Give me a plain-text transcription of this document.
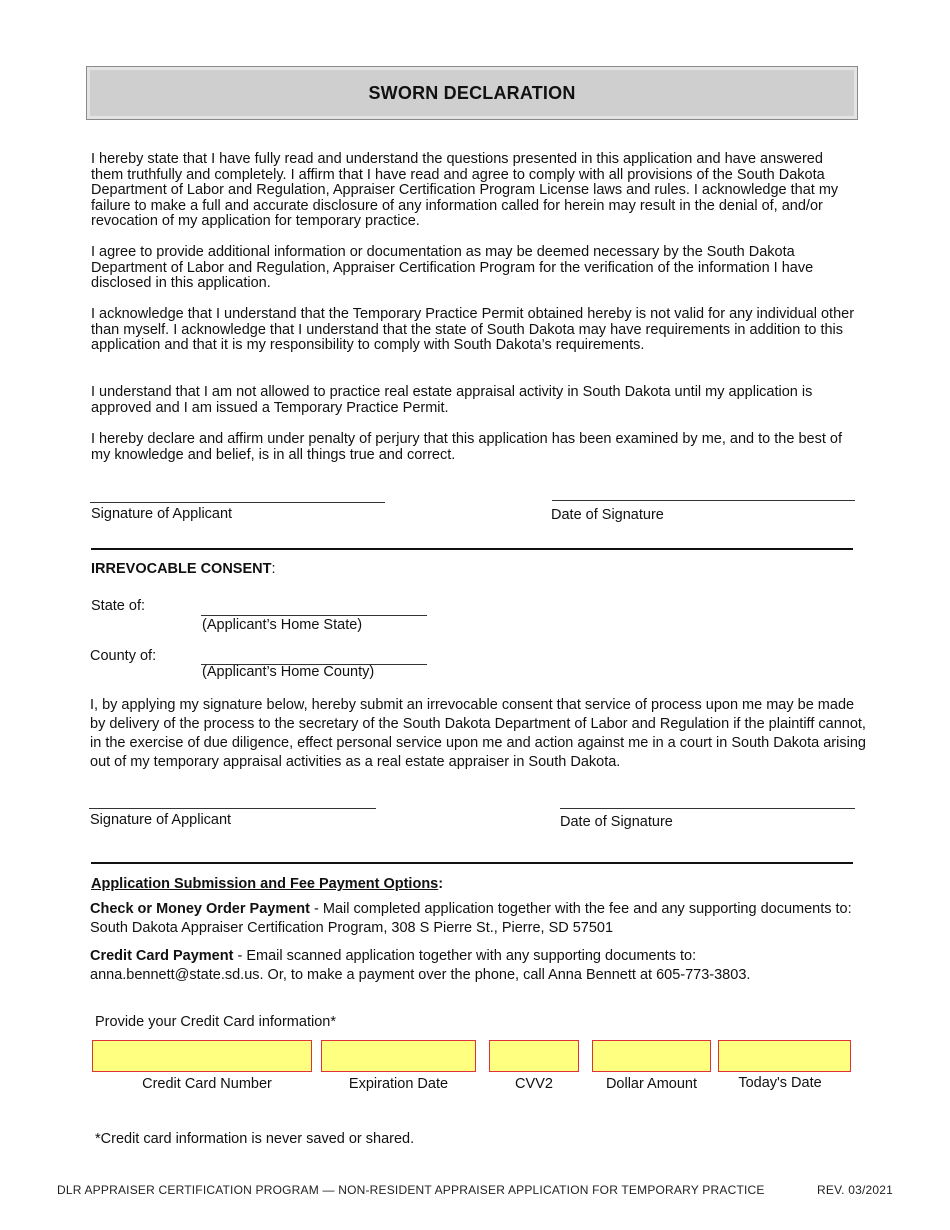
SWORN DECLARATION

I hereby state that I have fully read and understand the questions presented in this application and have answered them truthfully and completely. I affirm that I have read and agree to comply with all provisions of the South Dakota Department of Labor and Regulation, Appraiser Certification Program License laws and rules. I acknowledge that my failure to make a full and accurate disclosure of any information called for herein may result in the denial of, and/or revocation of my application for temporary practice.

I agree to provide additional information or documentation as may be deemed necessary by the South Dakota Department of Labor and Regulation, Appraiser Certification Program for the verification of the information I have disclosed in this application.

I acknowledge that I understand that the Temporary Practice Permit obtained hereby is not valid for any individual other than myself. I acknowledge that I understand that the state of South Dakota may have requirements in addition to this application and that it is my responsibility to comply with South Dakota’s requirements.

I understand that I am not allowed to practice real estate appraisal activity in South Dakota until my application is approved and I am issued a Temporary Practice Permit.

I hereby declare and affirm under penalty of perjury that this application has been examined by me, and to the best of my knowledge and belief, is in all things true and correct.

Signature of Applicant	Date of Signature
IRREVOCABLE CONSENT:
State of:
(Applicant’s Home State)
County of:
(Applicant’s Home County)

I, by applying my signature below, hereby submit an irrevocable consent that service of process upon me may be made by delivery of the process to the secretary of the South Dakota Department of Labor and Regulation if the plaintiff cannot, in the exercise of due diligence, effect personal service upon me and action against me in a court in South Dakota arising out of my temporary appraisal activities as a real estate appraiser in South Dakota.

Signature of Applicant	Date of Signature
Application Submission and Fee Payment Options:

Check or Money Order Payment - Mail completed application together with the fee and any supporting documents to: South Dakota Appraiser Certification Program, 308 S Pierre St., Pierre, SD 57501

Credit Card Payment - Email scanned application together with any supporting documents to: anna.bennett@state.sd.us. Or, to make a payment over the phone, call Anna Bennett at 605-773-3803.

Provide your Credit Card information*
Credit Card Number	Expiration Date	CVV2	Dollar Amount	Today's Date
*Credit card information is never saved or shared.
DLR APPRAISER CERTIFICATION PROGRAM — NON-RESIDENT APPRAISER APPLICATION FOR TEMPORARY PRACTICE	REV. 03/2021
